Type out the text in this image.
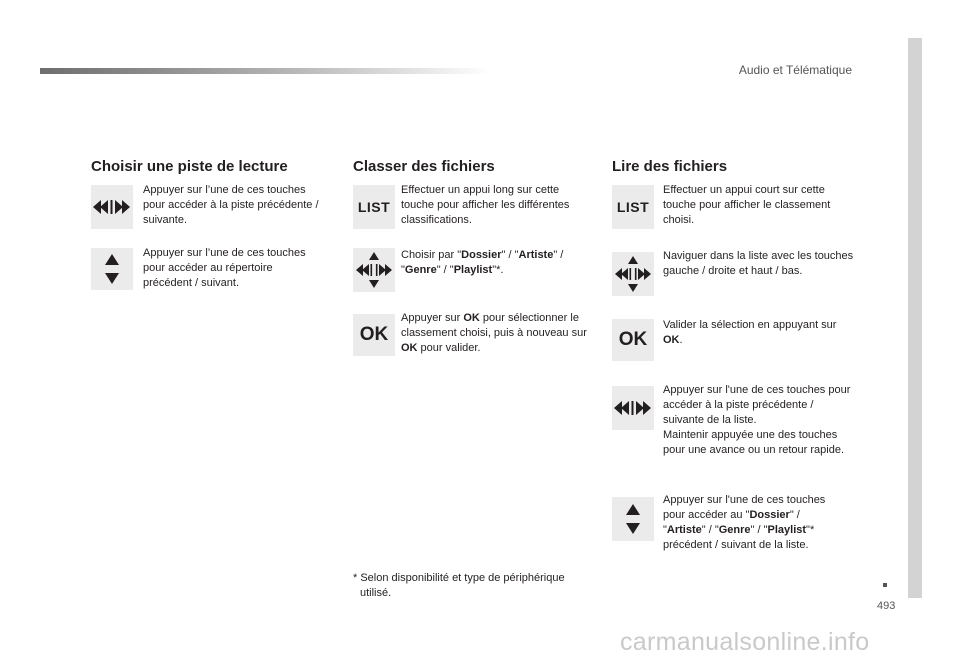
Audio et Télématique
493
Choisir une piste de lecture
Appuyer sur l’une de ces touches pour accéder à la piste précédente / suivante.
Appuyer sur l’une de ces touches pour accéder au répertoire précédent / suivant.
Classer des fichiers
LIST
Effectuer un appui long sur cette touche pour afficher les différentes classifications.
Choisir par "Dossier" / "Artiste" / "Genre" / "Playlist"*.
OK
Appuyer sur OK pour sélectionner le classement choisi, puis à nouveau sur OK pour valider.
Lire des fichiers
LIST
Effectuer un appui court sur cette touche pour afficher le classement choisi.
Naviguer dans la liste avec les touches gauche / droite et haut / bas.
OK
Valider la sélection en appuyant sur OK.
Appuyer sur l'une de ces touches pour accéder à la piste précédente / suivante de la liste.
Maintenir appuyée une des touches pour une avance ou un retour rapide.
Appuyer sur l'une de ces touches pour accéder au "Dossier" / "Artiste" / "Genre" / "Playlist"* précédent / suivant de la liste.
* Selon disponibilité et type de périphérique utilisé.
carmanualsonline.info
